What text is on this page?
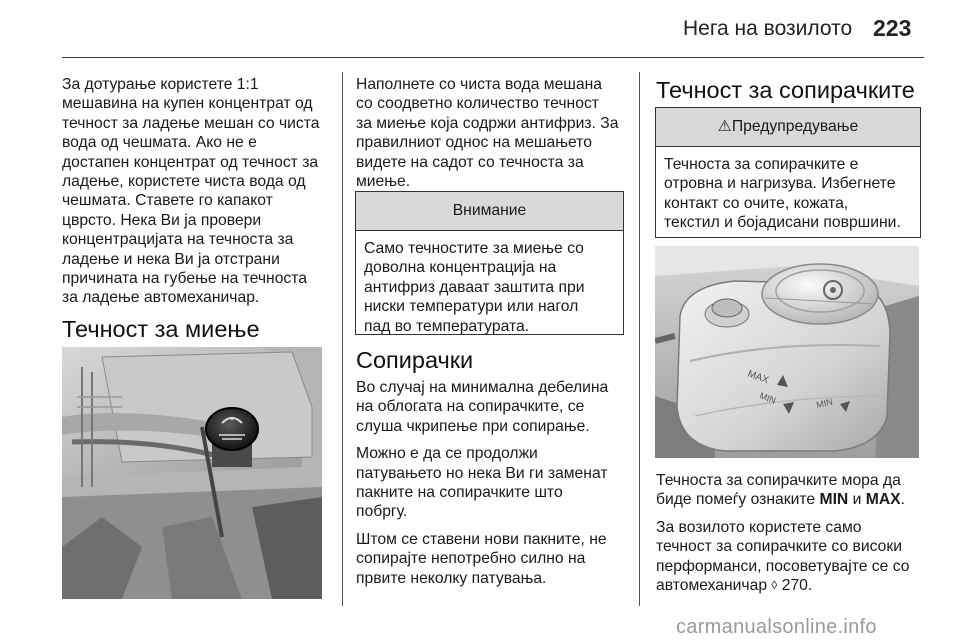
Нега на возилото 223

За дотурање користете 1:1
мешавина на купен концентрат од
течност за ладење мешан со чиста
вода од чешмата. Ако не е
достапен концентрат од течност за
ладење, користете чиста вода од
чешмата. Ставете го капакот
цврсто. Нека Ви ја провери
концентрацијата на течноста за
ладење и нека Ви ја отстрани
причината на губење на течноста
за ладење автомеханичар.

Течност за миење

Наполнете со чиста вода мешана
со соодветно количество течност
за миење која содржи антифриз. За
правилниот однос на мешањето
видете на садот со течноста за
миење.

Внимание
Само течностите за миење со
доволна концентрација на
антифриз даваат заштита при
ниски температури или нагол
пад во температурата.
Сопирачки

Во случај на минимална дебелина
на облогата на сопирачките, се
слуша чкрипење при сопирање.

Можно е да се продолжи
патувањето но нека Ви ги заменат
пакните на сопирачките што
побргу.

Штом се ставени нови пакните, не
сопирајте непотребно силно на
првите неколку патувања.

Течност за сопирачките
⚠Предупредување
Течноста за сопирачките е
отровна и нагризува. Избегнете
контакт со очите, кожата,
текстил и бојадисани површини.
MAX
MIN	MIN

Течноста за сопирачките мора да
биде помеѓу ознаките MIN и MAX.

За возилото користете само
течност за сопирачките со високи
перформанси, посоветувајте се со
автомеханичар ◊ 270.

carmanualsonline.info
